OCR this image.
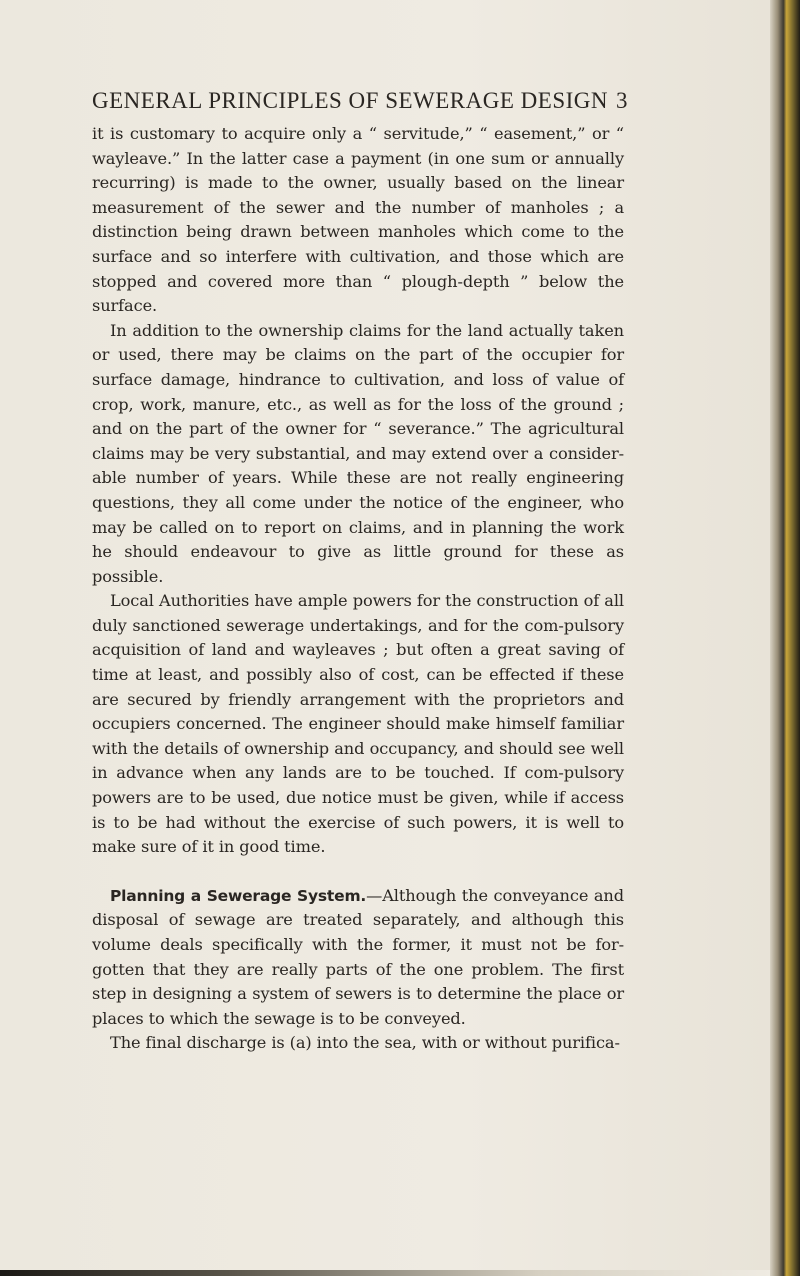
GENERAL PRINCIPLES OF SEWERAGE DESIGN 3

it is customary to acquire only a “ servitude,” “ easement,” or “ wayleave.” In the latter case a payment (in one sum or annually recurring) is made to the owner, usually based on the linear measurement of the sewer and the number of manholes ; a distinction being drawn between manholes which come to the surface and so interfere with cultivation, and those which are stopped and covered more than “ plough-depth ” below the surface.

In addition to the ownership claims for the land actually taken or used, there may be claims on the part of the occupier for surface damage, hindrance to cultivation, and loss of value of crop, work, manure, etc., as well as for the loss of the ground ; and on the part of the owner for “ severance.” The agricultural claims may be very substantial, and may extend over a consider-able number of years. While these are not really engineering questions, they all come under the notice of the engineer, who may be called on to report on claims, and in planning the work he should endeavour to give as little ground for these as possible.

Local Authorities have ample powers for the construction of all duly sanctioned sewerage undertakings, and for the com-pulsory acquisition of land and wayleaves ; but often a great saving of time at least, and possibly also of cost, can be effected if these are secured by friendly arrangement with the proprietors and occupiers concerned. The engineer should make himself familiar with the details of ownership and occupancy, and should see well in advance when any lands are to be touched. If com-pulsory powers are to be used, due notice must be given, while if access is to be had without the exercise of such powers, it is well to make sure of it in good time.

Planning a Sewerage System.—Although the conveyance and disposal of sewage are treated separately, and although this volume deals specifically with the former, it must not be for-gotten that they are really parts of the one problem. The first step in designing a system of sewers is to determine the place or places to which the sewage is to be conveyed.

The final discharge is (a) into the sea, with or without purifica-
